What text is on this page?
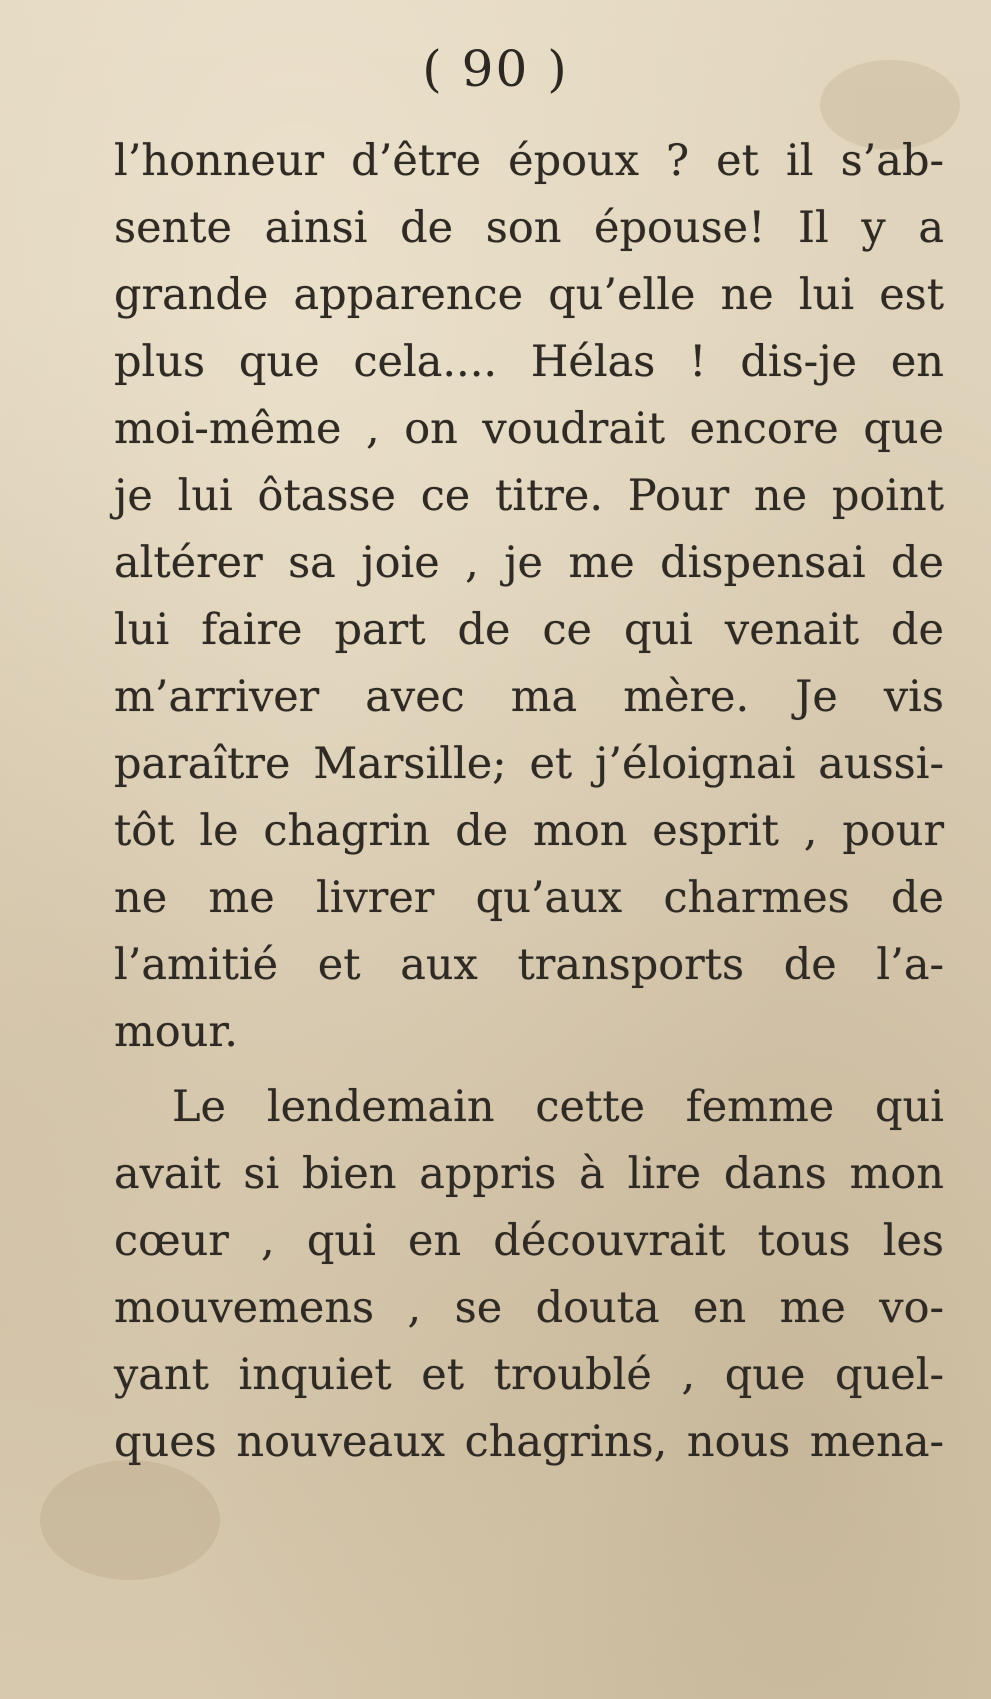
( 90 )
l’honneur d’être époux ? et il s’ab-
sente ainsi de son épouse! Il y a
grande apparence qu’elle ne lui est
plus que cela.... Hélas ! dis-je en
moi-même , on voudrait encore que
je lui ôtasse ce titre. Pour ne point
altérer sa joie , je me dispensai de
lui faire part de ce qui venait de
m’arriver avec ma mère. Je vis
paraître Marsille; et j’éloignai aussi-
tôt le chagrin de mon esprit , pour
ne me livrer qu’aux charmes de
l’amitié et aux transports de l’a-
mour.
Le lendemain cette femme qui
avait si bien appris à lire dans mon
cœur , qui en découvrait tous les
mouvemens , se douta en me vo-
yant inquiet et troublé , que quel-
ques nouveaux chagrins, nous mena-
